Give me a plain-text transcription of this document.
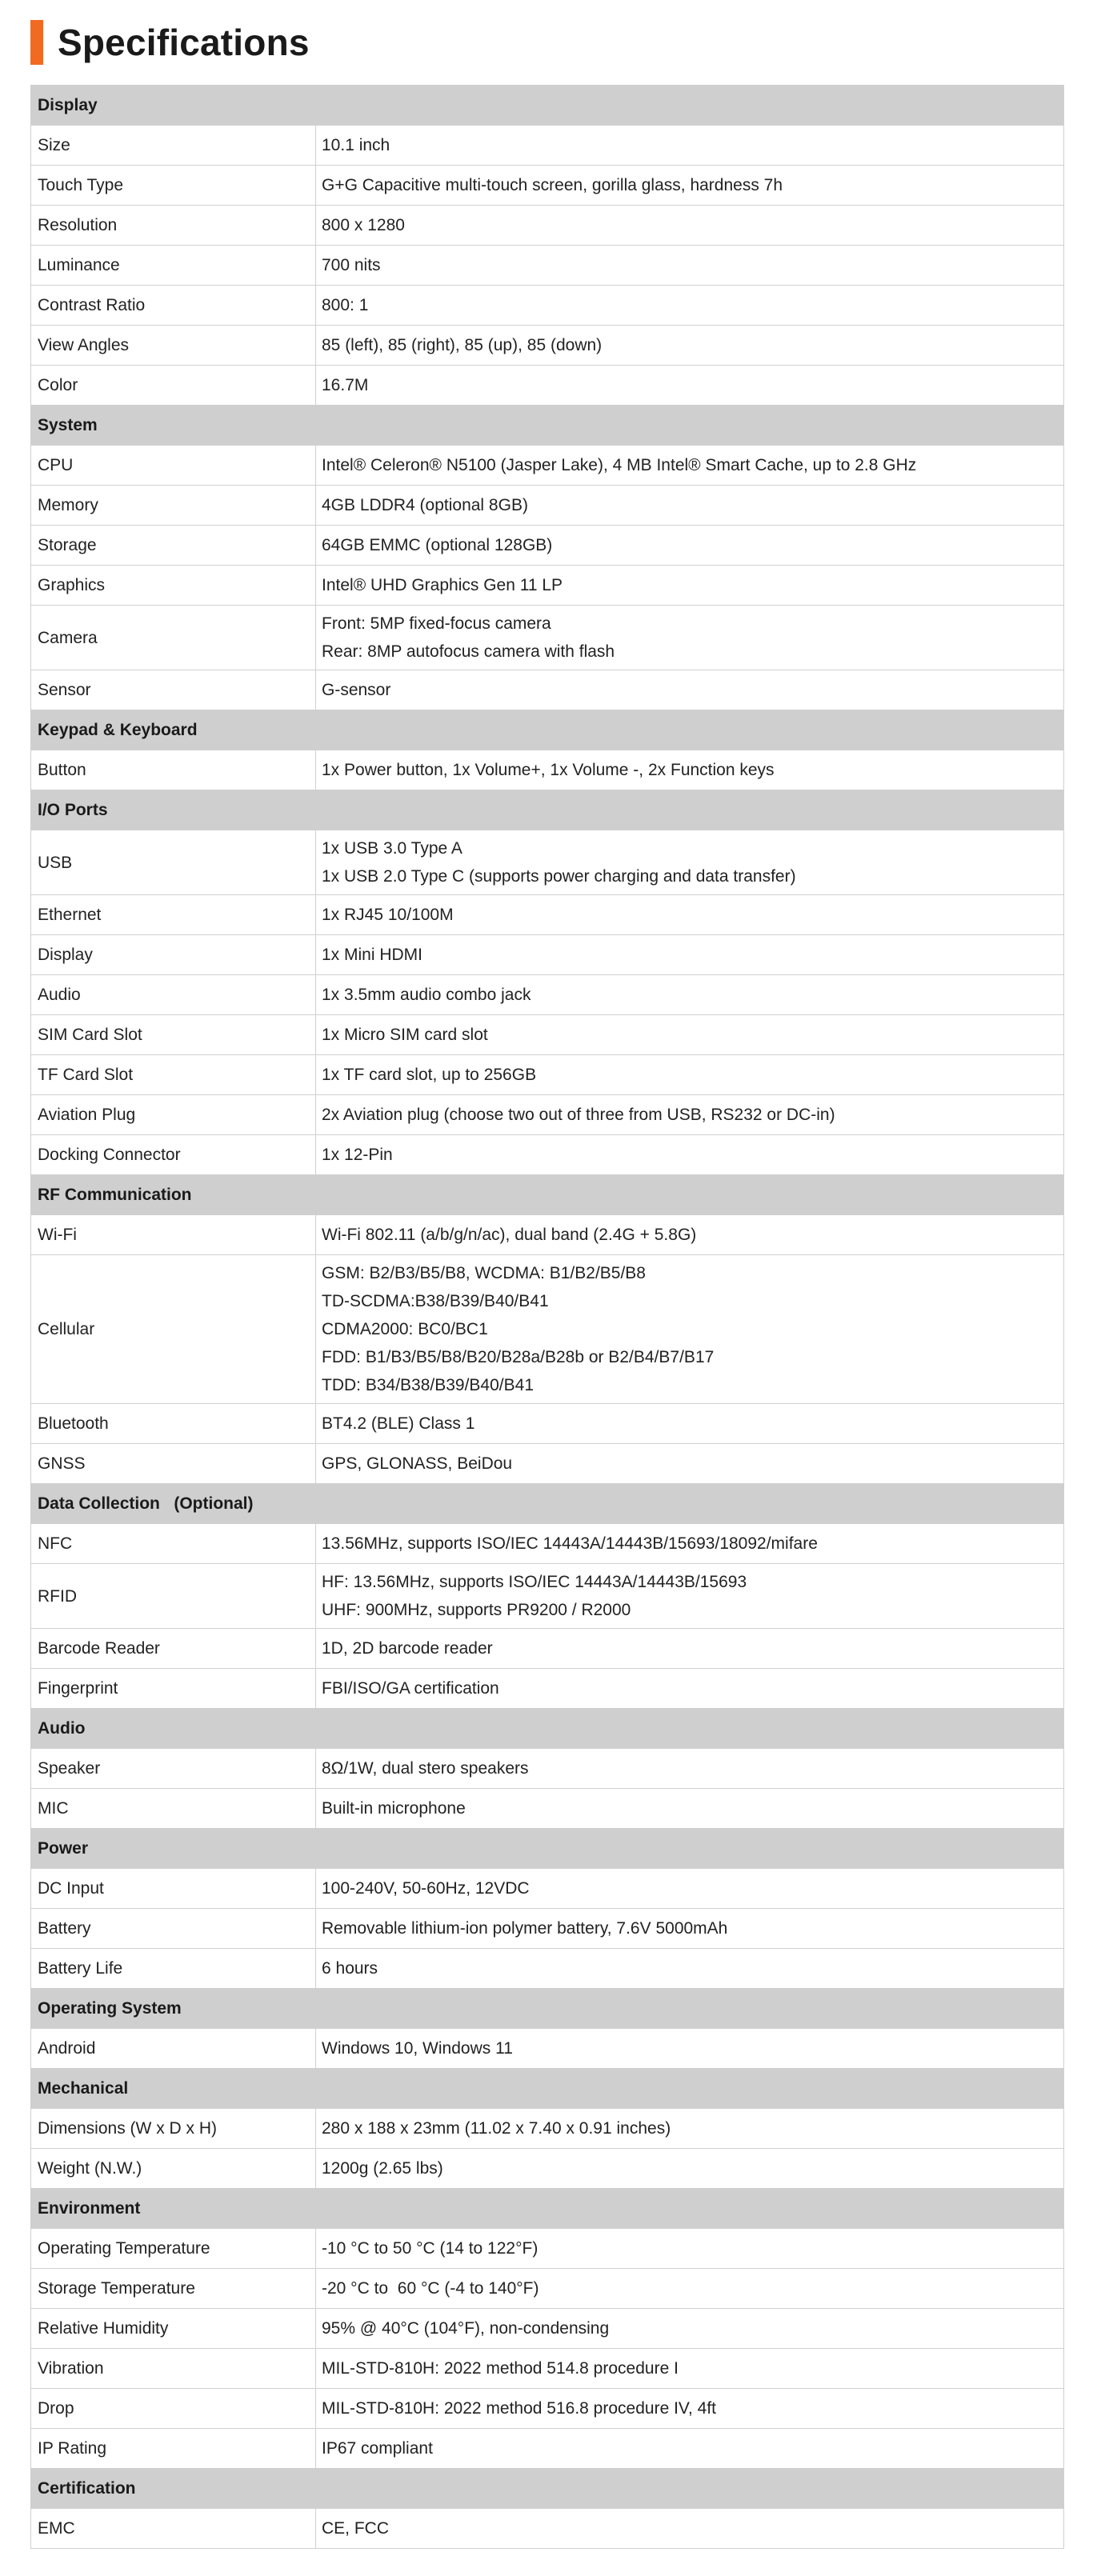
Specifications
Display	
Size	10.1 inch

Touch Type	G+G Capacitive multi-touch screen, gorilla glass, hardness 7h

Resolution	800 x 1280

Luminance	700 nits

Contrast Ratio	800: 1

View Angles	85 (left), 85 (right), 85 (up), 85 (down)

Color	16.7M

System	
CPU	Intel® Celeron® N5100 (Jasper Lake), 4 MB Intel® Smart Cache, up to 2.8 GHz

Memory	4GB LDDR4 (optional 8GB)

Storage	64GB EMMC (optional 128GB)

Graphics	Intel® UHD Graphics Gen 11 LP

Camera	Front: 5MP fixed-focus camera
Rear: 8MP autofocus camera with flash

Sensor	G-sensor

Keypad & Keyboard	
Button	1x Power button, 1x Volume+, 1x Volume -, 2x Function keys

I/O Ports	
USB	1x USB 3.0 Type A
1x USB 2.0 Type C (supports power charging and data transfer)

Ethernet	1x RJ45 10/100M

Display	1x Mini HDMI

Audio	1x 3.5mm audio combo jack

SIM Card Slot	1x Micro SIM card slot

TF Card Slot	1x TF card slot, up to 256GB

Aviation Plug	2x Aviation plug (choose two out of three from USB, RS232 or DC-in)

Docking Connector	1x 12-Pin

RF Communication	
Wi-Fi	Wi-Fi 802.11 (a/b/g/n/ac), dual band (2.4G + 5.8G)

Cellular	GSM: B2/B3/B5/B8, WCDMA: B1/B2/B5/B8
TD-SCDMA:B38/B39/B40/B41
CDMA2000: BC0/BC1
FDD: B1/B3/B5/B8/B20/B28a/B28b or B2/B4/B7/B17
TDD: B34/B38/B39/B40/B41

Bluetooth	BT4.2 (BLE) Class 1

GNSS	GPS, GLONASS, BeiDou

Data Collection   (Optional)	
NFC	13.56MHz, supports ISO/IEC 14443A/14443B/15693/18092/mifare

RFID	HF: 13.56MHz, supports ISO/IEC 14443A/14443B/15693
UHF: 900MHz, supports PR9200 / R2000

Barcode Reader	1D, 2D barcode reader

Fingerprint	FBI/ISO/GA certification

Audio	
Speaker	8Ω/1W, dual stero speakers

MIC	Built-in microphone

Power	
DC Input	100-240V, 50-60Hz, 12VDC

Battery	Removable lithium-ion polymer battery, 7.6V 5000mAh

Battery Life	6 hours

Operating System	
Android	Windows 10, Windows 11

Mechanical	
Dimensions (W x D x H)	280 x 188 x 23mm (11.02 x 7.40 x 0.91 inches)

Weight (N.W.)	1200g (2.65 lbs)

Environment	
Operating Temperature	-10 °C to 50 °C (14 to 122°F)

Storage Temperature	-20 °C to  60 °C (-4 to 140°F)

Relative Humidity	95% @ 40°C (104°F), non-condensing

Vibration	MIL-STD-810H: 2022 method 514.8 procedure I

Drop	MIL-STD-810H: 2022 method 516.8 procedure IV, 4ft

IP Rating	IP67 compliant

Certification	
EMC	CE, FCC
